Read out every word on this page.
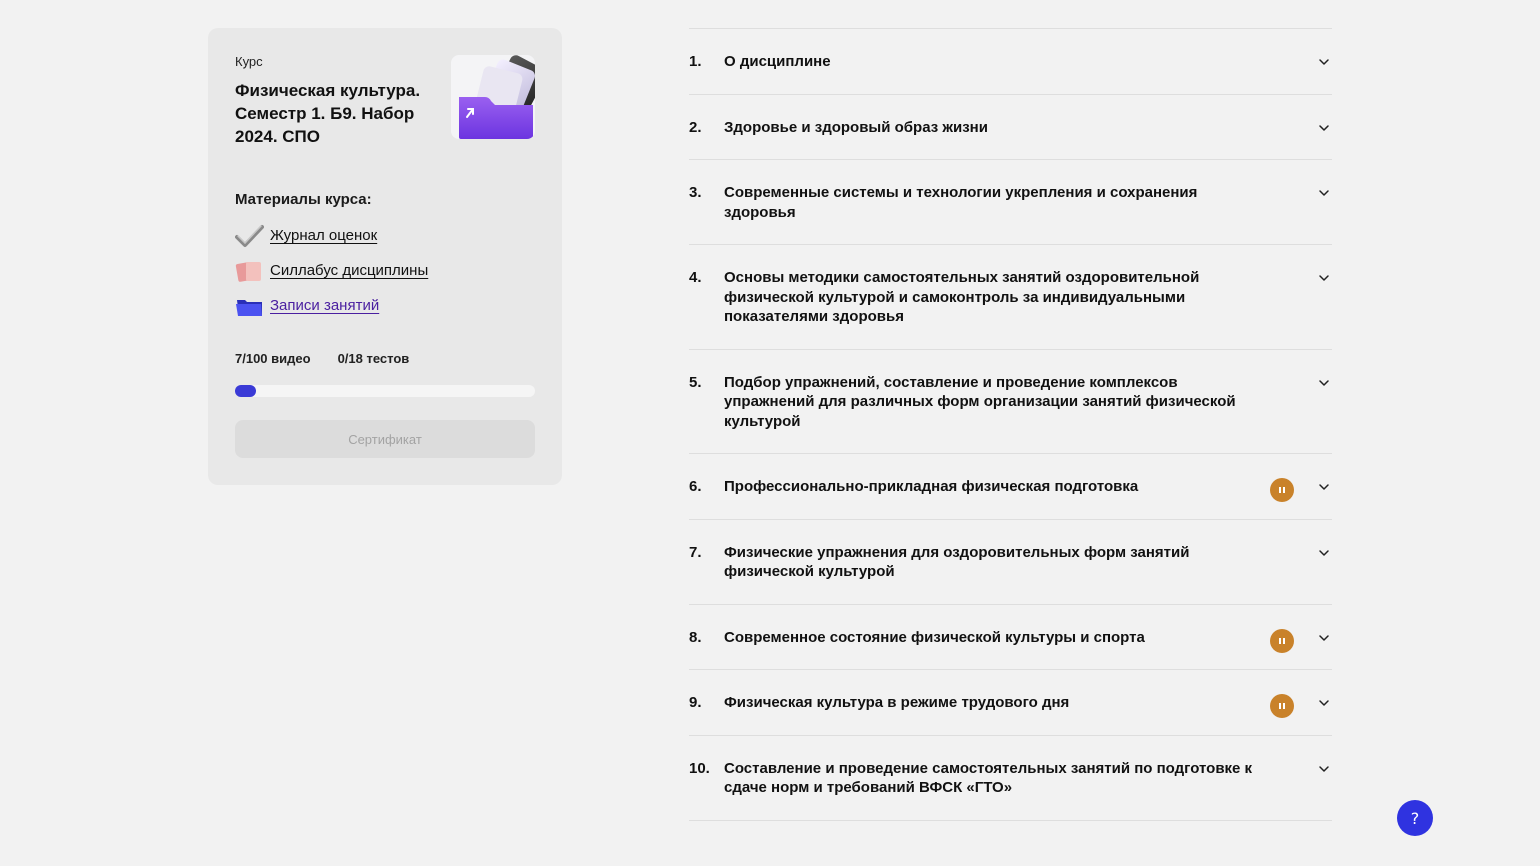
Курс
Физическая культура. Семестр 1. Б9. Набор 2024. СПО
Материалы курса:
Журнал оценок
Силлабус дисциплины
Записи занятий
7/100 видео 0/18 тестов
Сертификат
1.	О дисциплине
2.	Здоровье и здоровый образ жизни
3.	Современные системы и технологии укрепления и сохранения здоровья
4.	Основы методики самостоятельных занятий оздоровительной физической культурой и самоконтроль за индивидуальными показателями здоровья
5.	Подбор упражнений, составление и проведение комплексов упражнений для различных форм организации занятий физической культурой
6.	Профессионально-прикладная физическая подготовка
7.	Физические упражнения для оздоровительных форм занятий физической культурой
8.	Современное состояние физической культуры и спорта
9.	Физическая культура в режиме трудового дня
10. Составление и проведение самостоятельных занятий по подготовке к сдаче норм и требований ВФСК «ГТО»
?
